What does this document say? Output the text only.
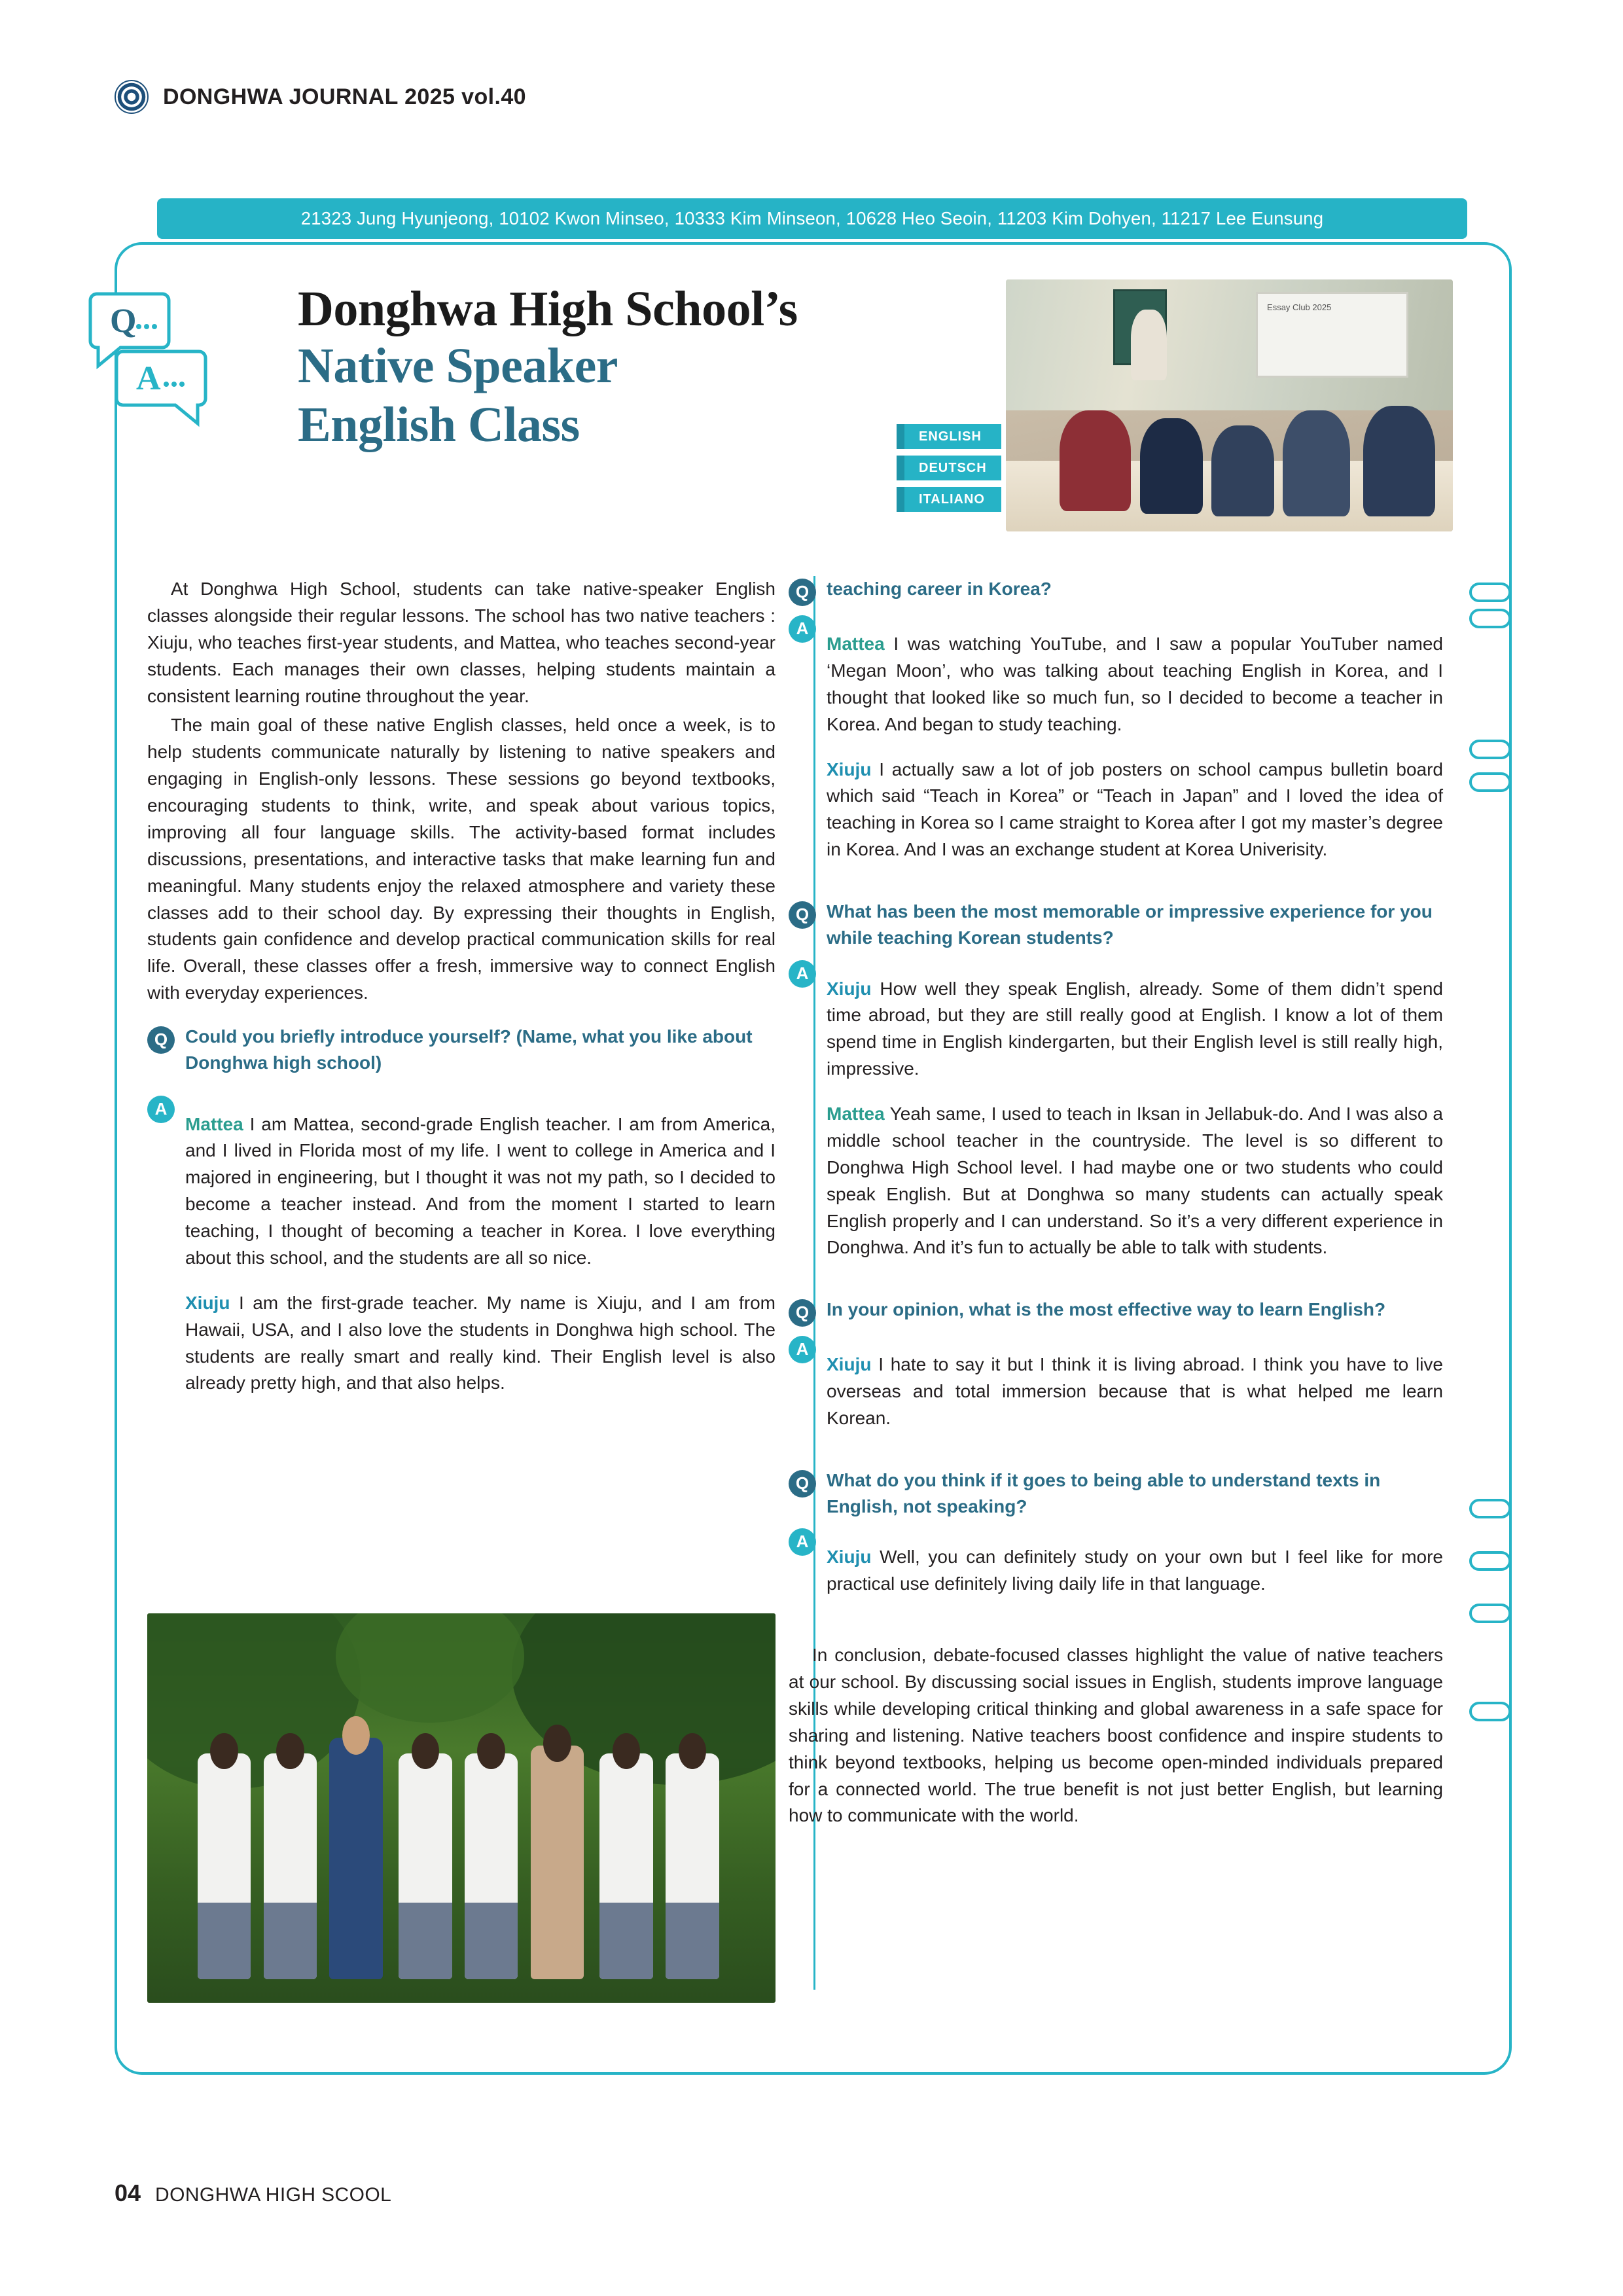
DONGHWA JOURNAL 2025 vol.40
21323 Jung Hyunjeong, 10102 Kwon Minseo, 10333 Kim Minseon, 10628 Heo Seoin, 11203 Kim Dohyen, 11217 Lee Eunsung
Q
A
Donghwa High School’s
Native Speaker
English Class
Essay Club 2025
ENGLISH
DEUTSCH
ITALIANO

At Donghwa High School, students can take native-speaker English classes alongside their regular lessons. The school has two native teachers : Xiuju, who teaches first-year students, and Mattea, who teaches second-year students. Each manages their own classes, helping students maintain a consistent learning routine throughout the year.

The main goal of these native English classes, held once a week, is to help students communicate naturally by listening to native speakers and engaging in English-only lessons. These sessions go beyond textbooks, encouraging students to think, write, and speak about various topics, improving all four language skills. The activity-based format includes discussions, presentations, and interactive tasks that make learning fun and meaningful. Many students enjoy the relaxed atmosphere and variety these classes add to their school day. By expressing their thoughts in English, students gain confidence and develop practical communication skills for real life. Overall, these classes offer a fresh, immersive way to connect English with everyday experiences.

Q Could you briefly introduce yourself? (Name, what you like about Donghwa high school)
A

Mattea I am Mattea, second-grade English teacher. I am from America, and I lived in Florida most of my life. I went to college in America and I majored in engineering, but I thought it was not my path, so I decided to become a teacher instead. And from the moment I started to learn teaching, I thought of becoming a teacher in Korea. I love everything about this school, and the students are all so nice.

Xiuju I am the first-grade teacher. My name is Xiuju, and I am from Hawaii, USA, and I also love the students in Donghwa high school. The students are really smart and really kind. Their English level is also already pretty high, and that also helps.

Q teaching career in Korea?
A

Mattea I was watching YouTube, and I saw a popular YouTuber named ‘Megan Moon’, who was talking about teaching English in Korea, and I thought that looked like so much fun, so I decided to become a teacher in Korea. And began to study teaching.

Xiuju I actually saw a lot of job posters on school campus bulletin board which said “Teach in Korea” or “Teach in Japan” and I loved the idea of teaching in Korea so I came straight to Korea after I got my master’s degree in Korea. And I was an exchange student at Korea Univerisity.

Q What has been the most memorable or impressive experience for you while teaching Korean students?
A

Xiuju How well they speak English, already. Some of them didn’t spend time abroad, but they are still really good at English. I know a lot of them spend time in English kindergarten, but their English level is still really high, impressive.

Mattea Yeah same, I used to teach in Iksan in Jellabuk-do. And I was also a middle school teacher in the countryside. The level is so different to Donghwa High School level. I had maybe one or two students who could speak English. But at Donghwa so many students can actually speak English properly and I can understand. So it’s a very different experience in Donghwa. And it’s fun to actually be able to talk with students.

Q In your opinion, what is the most effective way to learn English?
A

Xiuju I hate to say it but I think it is living abroad. I think you have to live overseas and total immersion because that is what helped me learn Korean.

Q What do you think if it goes to being able to understand texts in English, not speaking?
A

Xiuju Well, you can definitely study on your own but I feel like for more practical use definitely living daily life in that language.

In conclusion, debate-focused classes highlight the value of native teachers at our school. By discussing social issues in English, students improve language skills while developing critical thinking and global awareness in a safe space for sharing and listening. Native teachers boost confidence and inspire students to think beyond textbooks, helping us become open-minded individuals prepared for a connected world. The true benefit is not just better English, but learning how to communicate with the world.

04 DONGHWA HIGH SCOOL
